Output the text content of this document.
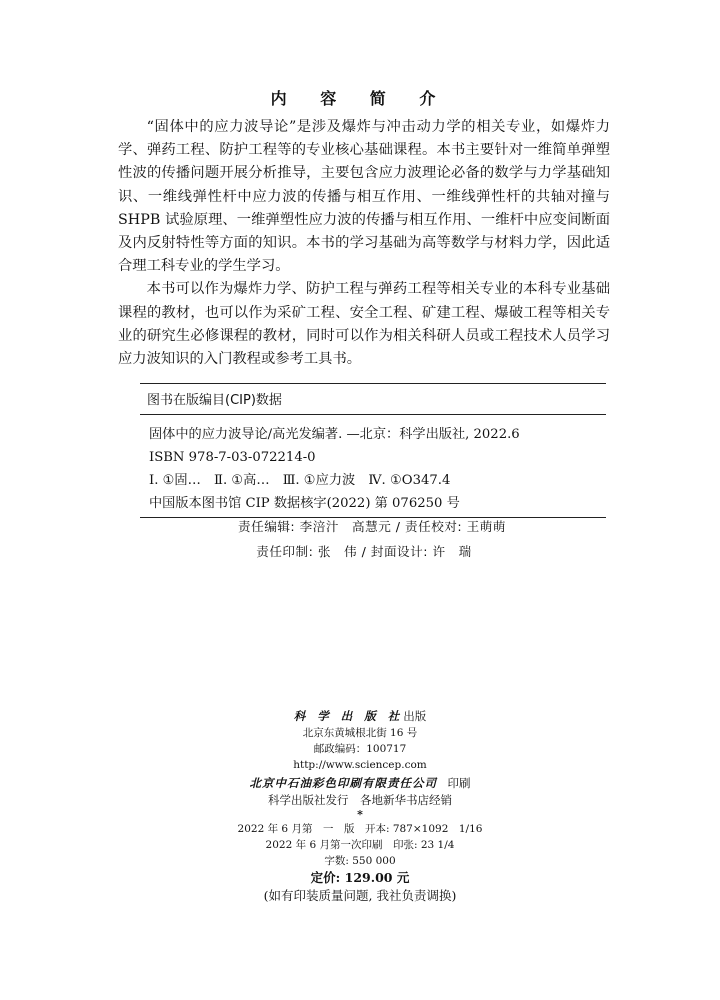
内 容 简 介

“固体中的应力波导论”是涉及爆炸与冲击动力学的相关专业，如爆炸力学、弹药工程、防护工程等的专业核心基础课程。本书主要针对一维简单弹塑性波的传播问题开展分析推导，主要包含应力波理论必备的数学与力学基础知识、一维线弹性杆中应力波的传播与相互作用、一维线弹性杆的共轴对撞与 SHPB 试验原理、一维弹塑性应力波的传播与相互作用、一维杆中应变间断面及内反射特性等方面的知识。本书的学习基础为高等数学与材料力学，因此适合理工科专业的学生学习。

本书可以作为爆炸力学、防护工程与弹药工程等相关专业的本科专业基础课程的教材，也可以作为采矿工程、安全工程、矿建工程、爆破工程等相关专业的研究生必修课程的教材，同时可以作为相关科研人员或工程技术人员学习应力波知识的入门教程或参考工具书。

图书在版编目(CIP)数据
固体中的应力波导论/高光发编著. —北京：科学出版社, 2022.6
ISBN 978-7-03-072214-0
Ⅰ. ①固…　Ⅱ. ①高…　Ⅲ. ①应力波　Ⅳ. ①O347.4
中国版本图书馆 CIP 数据核字(2022) 第 076250 号
责任编辑: 李涪汁　高慧元 / 责任校对: 王萌萌
责任印制: 张　伟 / 封面设计: 许　瑞
科 学 出 版 社出版
北京东黄城根北街 16 号
邮政编码：100717
http://www.sciencep.com
北京中石油彩色印刷有限责任公司　 印刷
科学出版社发行　各地新华书店经销
*
2022 年 6 月第　一　版　开本: 787×1092　1/16
2022 年 6 月第一次印刷　印张: 23 1/4
字数: 550 000
定价: 129.00 元
(如有印装质量问题, 我社负责调换)
